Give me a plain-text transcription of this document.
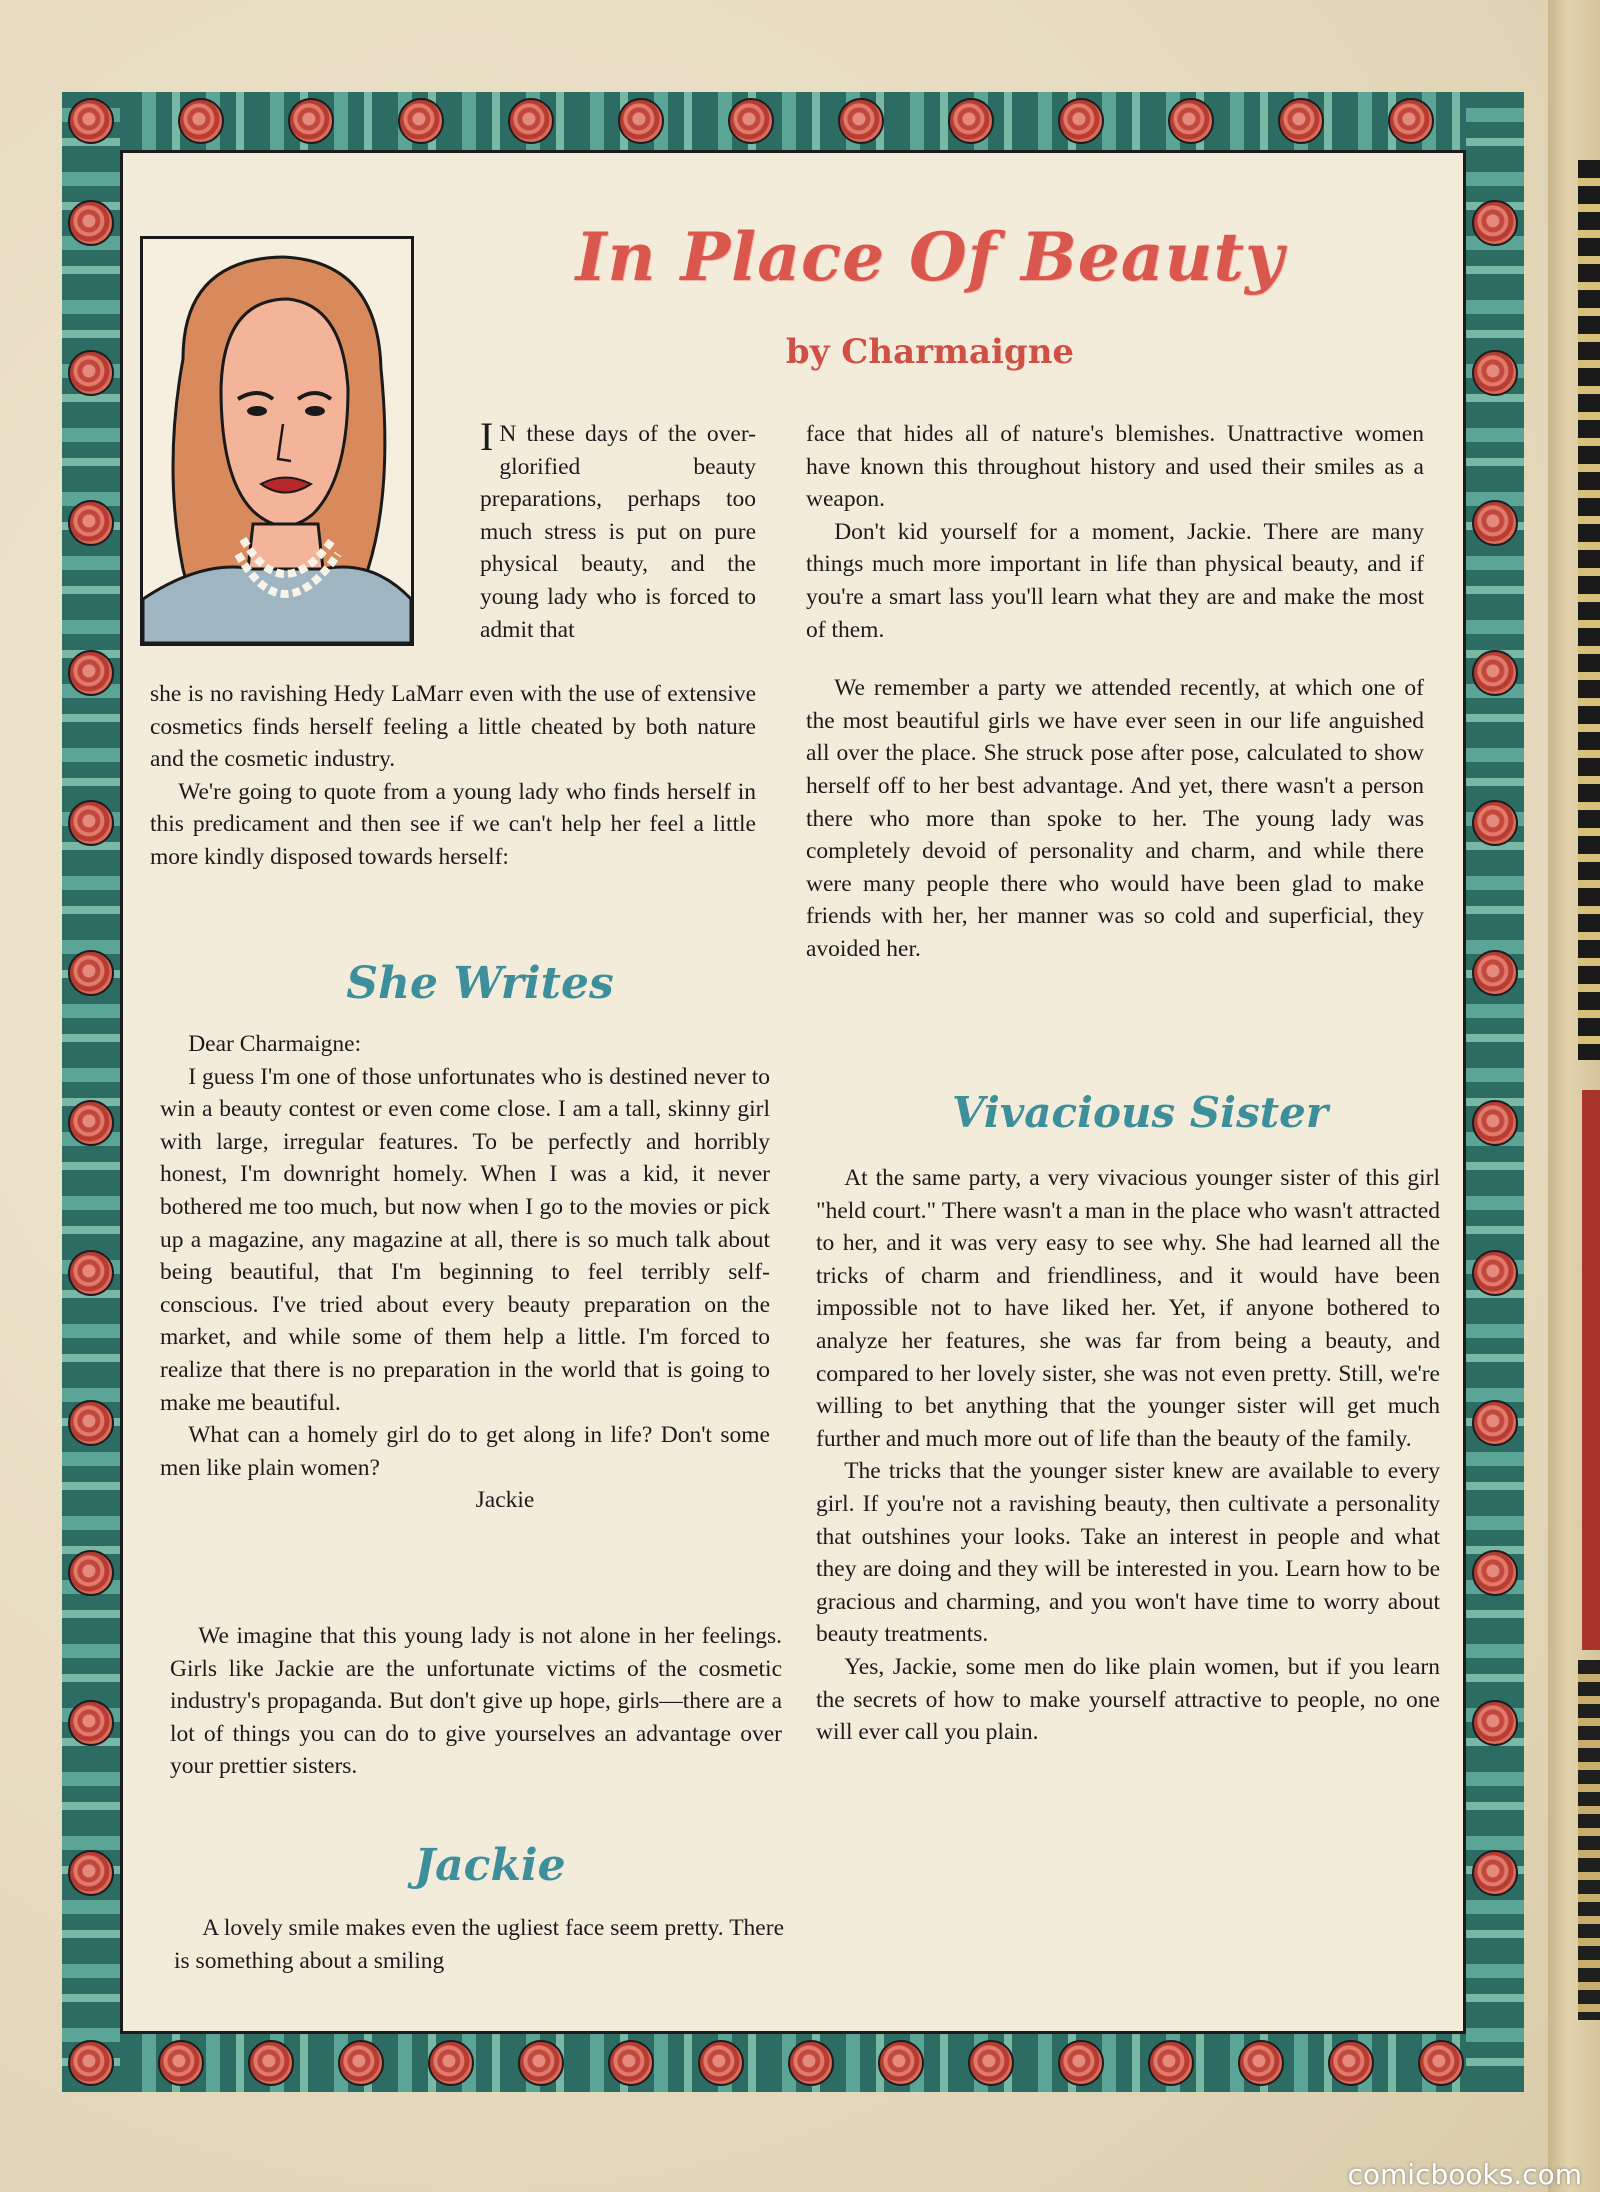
In Place Of Beauty
by Charmaigne

I N these days of the over-glorified beauty preparations, perhaps too much stress is put on pure physical beauty, and the young lady who is forced to admit that

she is no ravishing Hedy LaMarr even with the use of extensive cosmetics finds herself feeling a little cheated by both nature and the cosmetic industry.

We're going to quote from a young lady who finds herself in this predicament and then see if we can't help her feel a little more kindly disposed towards herself:

She Writes

Dear Charmaigne:

I guess I'm one of those unfortunates who is destined never to win a beauty contest or even come close. I am a tall, skinny girl with large, irregular features. To be perfectly and horribly honest, I'm downright homely. When I was a kid, it never bothered me too much, but now when I go to the movies or pick up a magazine, any magazine at all, there is so much talk about being beautiful, that I'm beginning to feel terribly self-conscious. I've tried about every beauty preparation on the market, and while some of them help a little. I'm forced to realize that there is no preparation in the world that is going to make me beautiful.

What can a homely girl do to get along in life? Don't some men like plain women?

Jackie

We imagine that this young lady is not alone in her feelings. Girls like Jackie are the unfortunate victims of the cosmetic industry's propaganda. But don't give up hope, girls—there are a lot of things you can do to give yourselves an advantage over your prettier sisters.

Jackie

A lovely smile makes even the ugliest face seem pretty. There is something about a smiling

face that hides all of nature's blemishes. Unattractive women have known this throughout history and used their smiles as a weapon.

Don't kid yourself for a moment, Jackie. There are many things much more important in life than physical beauty, and if you're a smart lass you'll learn what they are and make the most of them.

We remember a party we attended recently, at which one of the most beautiful girls we have ever seen in our life anguished all over the place. She struck pose after pose, calculated to show herself off to her best advantage. And yet, there wasn't a person there who more than spoke to her. The young lady was completely devoid of personality and charm, and while there were many people there who would have been glad to make friends with her, her manner was so cold and superficial, they avoided her.

Vivacious Sister

At the same party, a very vivacious younger sister of this girl "held court." There wasn't a man in the place who wasn't attracted to her, and it was very easy to see why. She had learned all the tricks of charm and friendliness, and it would have been impossible not to have liked her. Yet, if anyone bothered to analyze her features, she was far from being a beauty, and compared to her lovely sister, she was not even pretty. Still, we're willing to bet anything that the younger sister will get much further and much more out of life than the beauty of the family.

The tricks that the younger sister knew are available to every girl. If you're not a ravishing beauty, then cultivate a personality that outshines your looks. Take an interest in people and what they are doing and they will be interested in you. Learn how to be gracious and charming, and you won't have time to worry about beauty treatments.

Yes, Jackie, some men do like plain women, but if you learn the secrets of how to make yourself attractive to people, no one will ever call you plain.

comicbooks.com
